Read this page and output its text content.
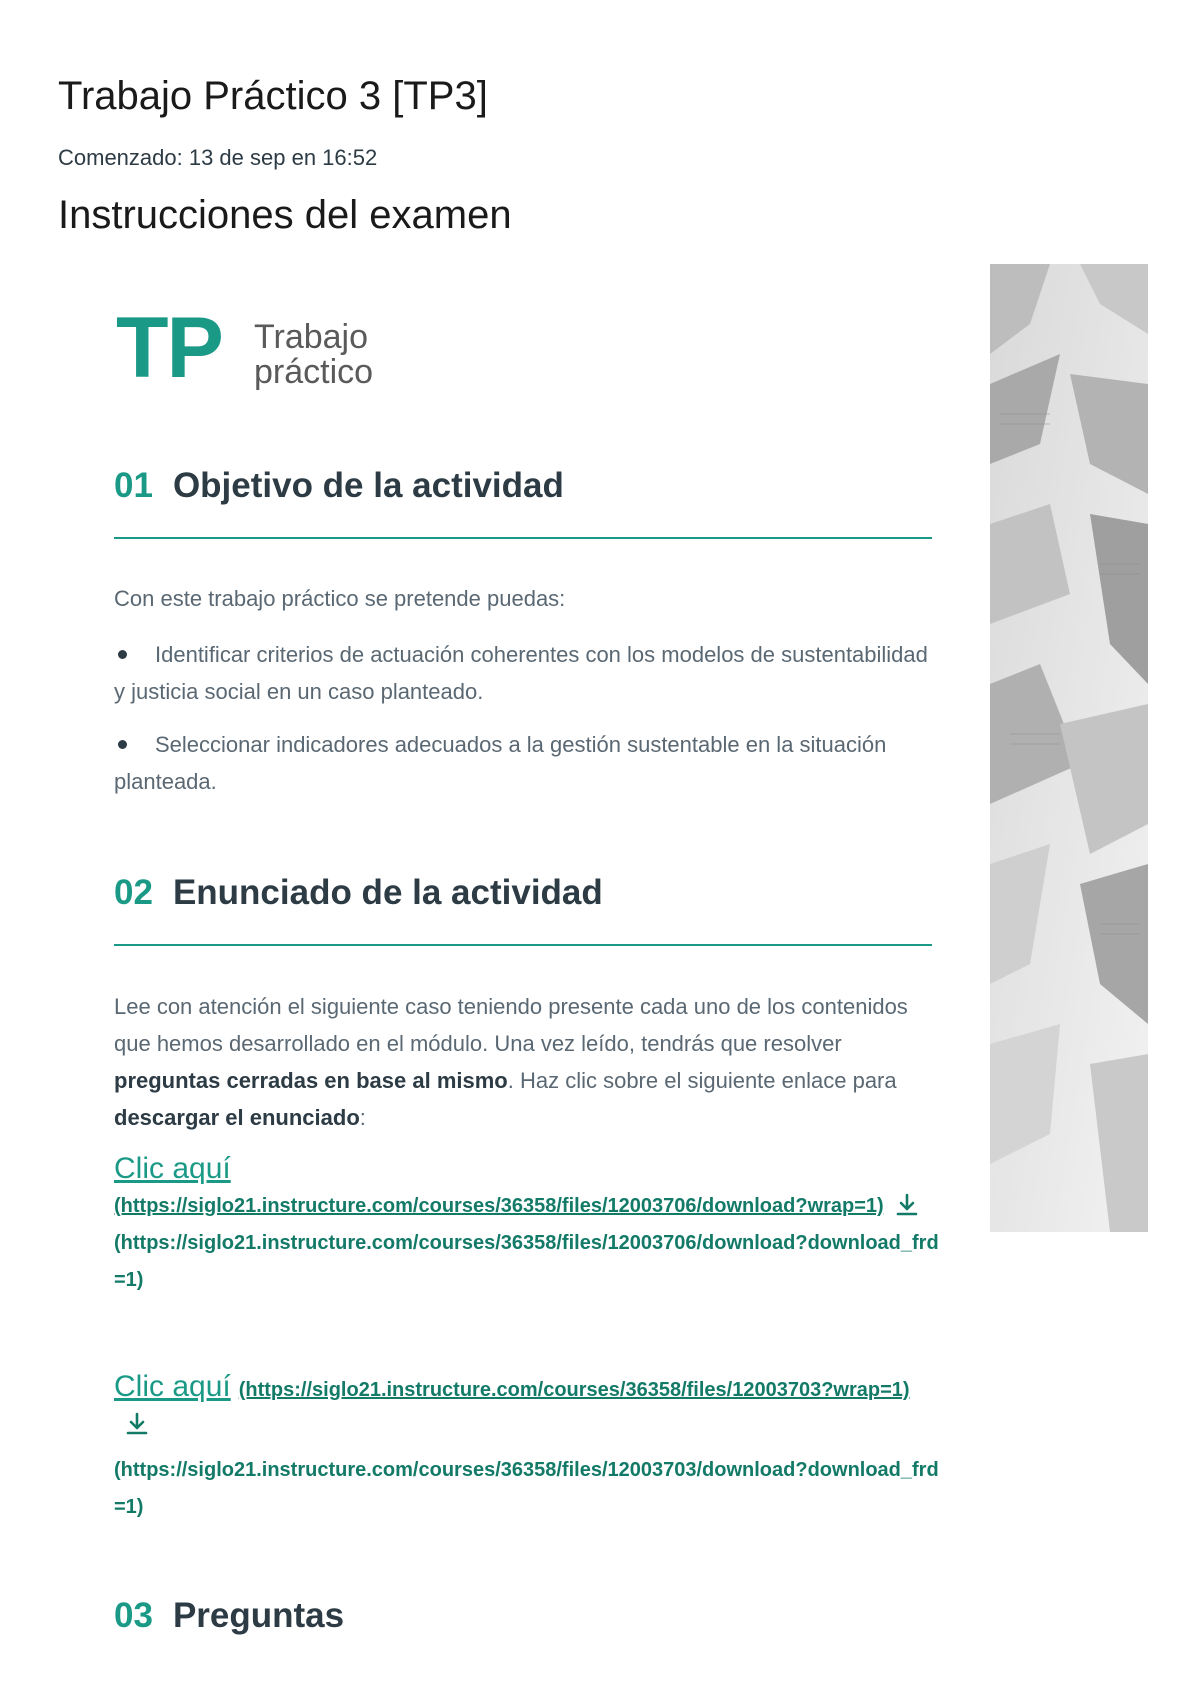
Trabajo Práctico 3 [TP3]
Comenzado: 13 de sep en 16:52
Instrucciones del examen
TP Trabajo
práctico
01 Objetivo de la actividad
Con este trabajo práctico se pretende puedas:
Identificar criterios de actuación coherentes con los modelos de sustentabilidad y justicia social en un caso planteado.
Seleccionar indicadores adecuados a la gestión sustentable en la situación planteada.
02 Enunciado de la actividad
Lee con atención el siguiente caso teniendo presente cada uno de los contenidos que hemos desarrollado en el módulo. Una vez leído, tendrás que resolver preguntas cerradas en base al mismo. Haz clic sobre el siguiente enlace para descargar el enunciado:
Clic aquí
(https://siglo21.instructure.com/courses/36358/files/12003706/download?wrap=1)
(https://siglo21.instructure.com/courses/36358/files/12003706/download?download_frd=1)
Clic aquí (https://siglo21.instructure.com/courses/36358/files/12003703?wrap=1)
(https://siglo21.instructure.com/courses/36358/files/12003703/download?download_frd=1)
03 Preguntas
